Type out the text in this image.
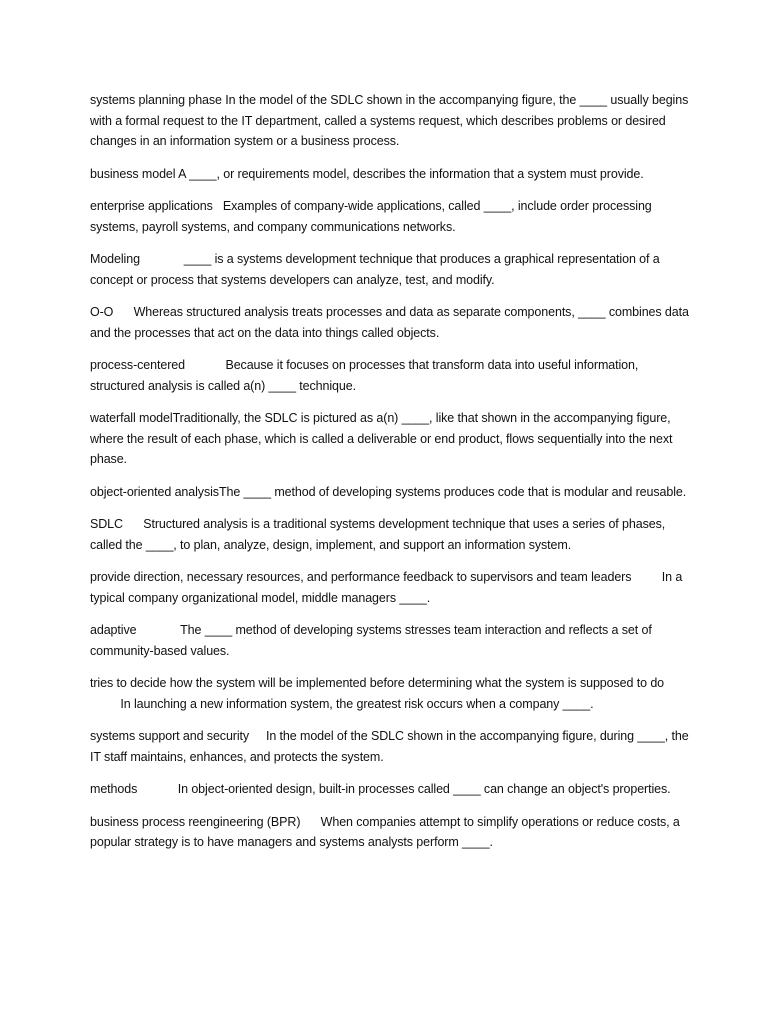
systems planning phase In the model of the SDLC shown in the accompanying figure, the ____ usually begins with a formal request to the IT department, called a systems request, which describes problems or desired changes in an information system or a business process.

business model A ____, or requirements model, describes the information that a system must provide.

enterprise applications Examples of company-wide applications, called ____, include order processing systems, payroll systems, and company communications networks.

Modeling	____ is a systems development technique that produces a graphical representation of a concept or process that systems developers can analyze, test, and modify.

O-O Whereas structured analysis treats processes and data as separate components, ____ combines data and the processes that act on the data into things called objects.

process-centered	Because it focuses on processes that transform data into useful information, structured analysis is called a(n) ____ technique.

waterfall modelTraditionally, the SDLC is pictured as a(n) ____, like that shown in the accompanying figure, where the result of each phase, which is called a deliverable or end product, flows sequentially into the next phase.

object-oriented analysisThe ____ method of developing systems produces code that is modular and reusable.

SDLC Structured analysis is a traditional systems development technique that uses a series of phases, called the ____, to plan, analyze, design, implement, and support an information system.

provide direction, necessary resources, and performance feedback to supervisors and team leaders In a typical company organizational model, middle managers ____.

adaptive	The ____ method of developing systems stresses team interaction and reflects a set of community-based values.

tries to decide how the system will be implemented before determining what the system is supposed to do         In launching a new information system, the greatest risk occurs when a company ____.

systems support and security In the model of the SDLC shown in the accompanying figure, during ____, the IT staff maintains, enhances, and protects the system.

methods	In object-oriented design, built-in processes called ____ can change an object's properties.

business process reengineering (BPR) When companies attempt to simplify operations or reduce costs, a popular strategy is to have managers and systems analysts perform ____.
